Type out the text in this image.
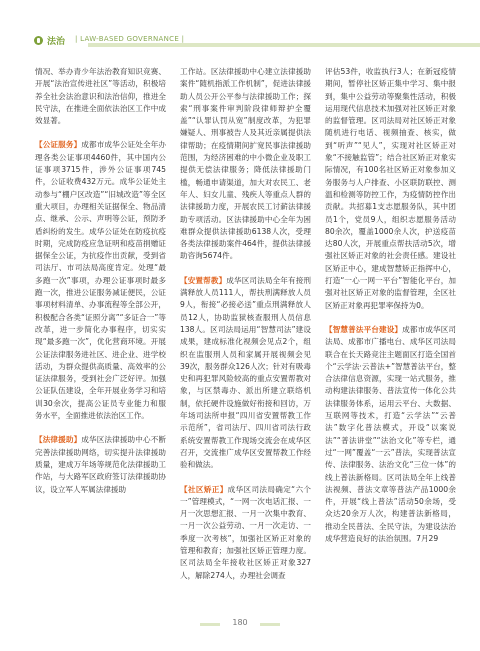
法治 | LAW-BASED GOVERNANCE |

情况、举办青少年法治教育知识竞赛、开展“法治宣传进社区”等活动，积极培养全社会法治意识和法治信仰，推进全民守法，在推进全面依法治区工作中成效显著。

【公证服务】成都市成华公证处全年办理各类公证事项4460件，其中国内公证事项3715件，涉外公证事项745件，公证收费432万元。成华公证处主动参与“棚户区改造”“旧城改造”等全区重大项目，办理相关证据保全、物品清点、继承、公示、声明等公证，预防矛盾纠纷的发生。成华公证处在防疫抗疫时期，完成防疫应急证明和疫苗捐赠证据保全公证，为抗疫作出贡献，受到省司法厅、市司法局高度肯定。处理“最多跑一次”事项，办理公证事项时最多跑一次，推进公证服务减证便民，公证事项材料清单、办事流程等全部公开，积极配合各类“证照分离”“多证合一”等改革，进一步简化办事程序，切实实现“最多跑一次”，优化营商环境。开展公证法律服务进社区、进企业、进学校活动，为群众提供高质量、高效率的公证法律服务，受到社会广泛好评。加强公证队伍建设，全年开展业务学习和培训30余次，提高公证员专业能力和服务水平，全面推进依法治区工作。

【法律援助】成华区法律援助中心不断完善法律援助网络，切实提升法律援助质量，建成万年场等规范化法律援助工作站，与大路军区政府签订法律援助协议，设立军人军属法律援助

工作站。区法律援助中心建立法律援助案件“随机指派工作机制”，促进法律援助人员公开公平参与法律援助工作；探索“刑事案件审判阶段律师辩护全覆盖”“认罪认罚从宽”制度改革，为犯罪嫌疑人、刑事被告人及其近亲属提供法律帮助；在疫情期间扩宽民事法律援助范围，为经济困难的中小微企业及职工提供无偿法律服务；降低法律援助门槛，畅通申请渠道，加大对农民工、老年人、妇女儿童、残疾人等重点人群的法律援助力度，开展农民工讨薪法律援助专项活动。区法律援助中心全年为困难群众提供法律援助6138人次，受理各类法律援助案件464件，提供法律援助咨询5674件。

【安置帮教】成华区司法局全年有接刑满释放人员111人，帮扶刑满释放人员9人，衔接“必接必送”重点刑满释放人员12人，协助监狱核查服刑人员信息138人。区司法局运用“智慧司法”建设成果，建成标准化视频会见点2个，组织在监服刑人员和家属开展视频会见39次，服务群众126人次；针对有吸毒史和再犯罪风险较高的重点安置帮教对象，与区禁毒办、派出所建立联络机制，依托硬件设施做好衔接和回访，万年场司法所申报“四川省安置帮教工作示范所”，省司法厅、四川省司法行政系统安置帮教工作现场交流会在成华区召开，交流推广成华区安置帮教工作经验和做法。

【社区矫正】成华区司法局确定“六个一”管理模式，“一网一次电话汇报、一月一次思想汇报、一月一次集中教育、一月一次公益劳动、一月一次走访、一季度一次考核”，加强社区矫正对象的管理和教育；加强社区矫正管理力度。区司法局全年接收社区矫正对象327人，解除274人，办理社会调查

评估53件，收监执行3人；在新冠疫情期间，暂停社区矫正集中学习、集中报到，集中公益劳动等聚集性活动，积极运用现代信息技术加强对社区矫正对象的监督管理。区司法局对社区矫正对象随机进行电话、视频抽查、核实，做到“听声”“见人”，实现对社区矫正对象“不接触监管”；结合社区矫正对象实际情况，有100名社区矫正对象参加义务服务与人户排查、小区联防联控、测温和检测等防控工作，为疫情防控作出贡献。共招募1支志愿服务队，其中团员1个，党员9人，组织志愿服务活动80余次，覆盖1000余人次，护送疫苗达80人次，开展重点帮扶活动5次，增强社区矫正对象的社会责任感。建设社区矫正中心，建成智慧矫正指挥中心，打造“一心一网一平台”智能化平台，加强对社区矫正对象的监督管理，全区社区矫正对象再犯罪率保持为0。

【智慧普法平台建设】成都市成华区司法局、成都市广播电台、成华区司法局联合在长天路竞注主题面区打造全国首个“云学法·云普法+”智慧普法平台，整合法律信息资源，实现一站式服务，推动构建法律服务、普法宣传一体化公共法律服务体系，运用云平台、大数据、互联网等技术，打造“云学法”“云普法”数字化普法模式，开设“以案说法”“普法讲堂”“法治文化”等专栏，通过“一网”覆盖“一云”普法，实现普法宣传、法律服务、法治文化“三位一体”的线上普法新格局。区司法局全年上线普法视频、普法文章等普法产品1000余件，开展“线上普法”活动50余场，受众达20余万人次，构建普法新格局，推动全民普法、全民守法，为建设法治成华营造良好的法治氛围。7月29

180
